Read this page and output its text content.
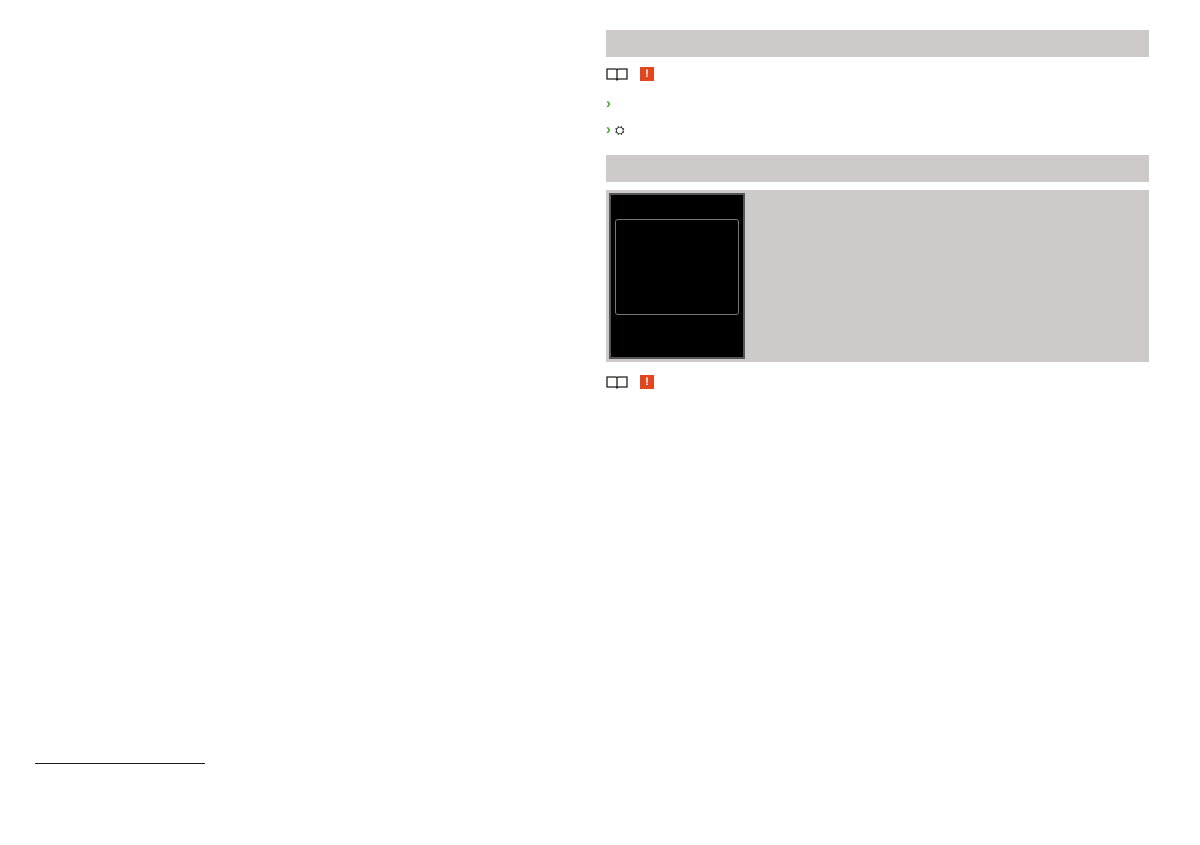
!

›

› ⛭

!
